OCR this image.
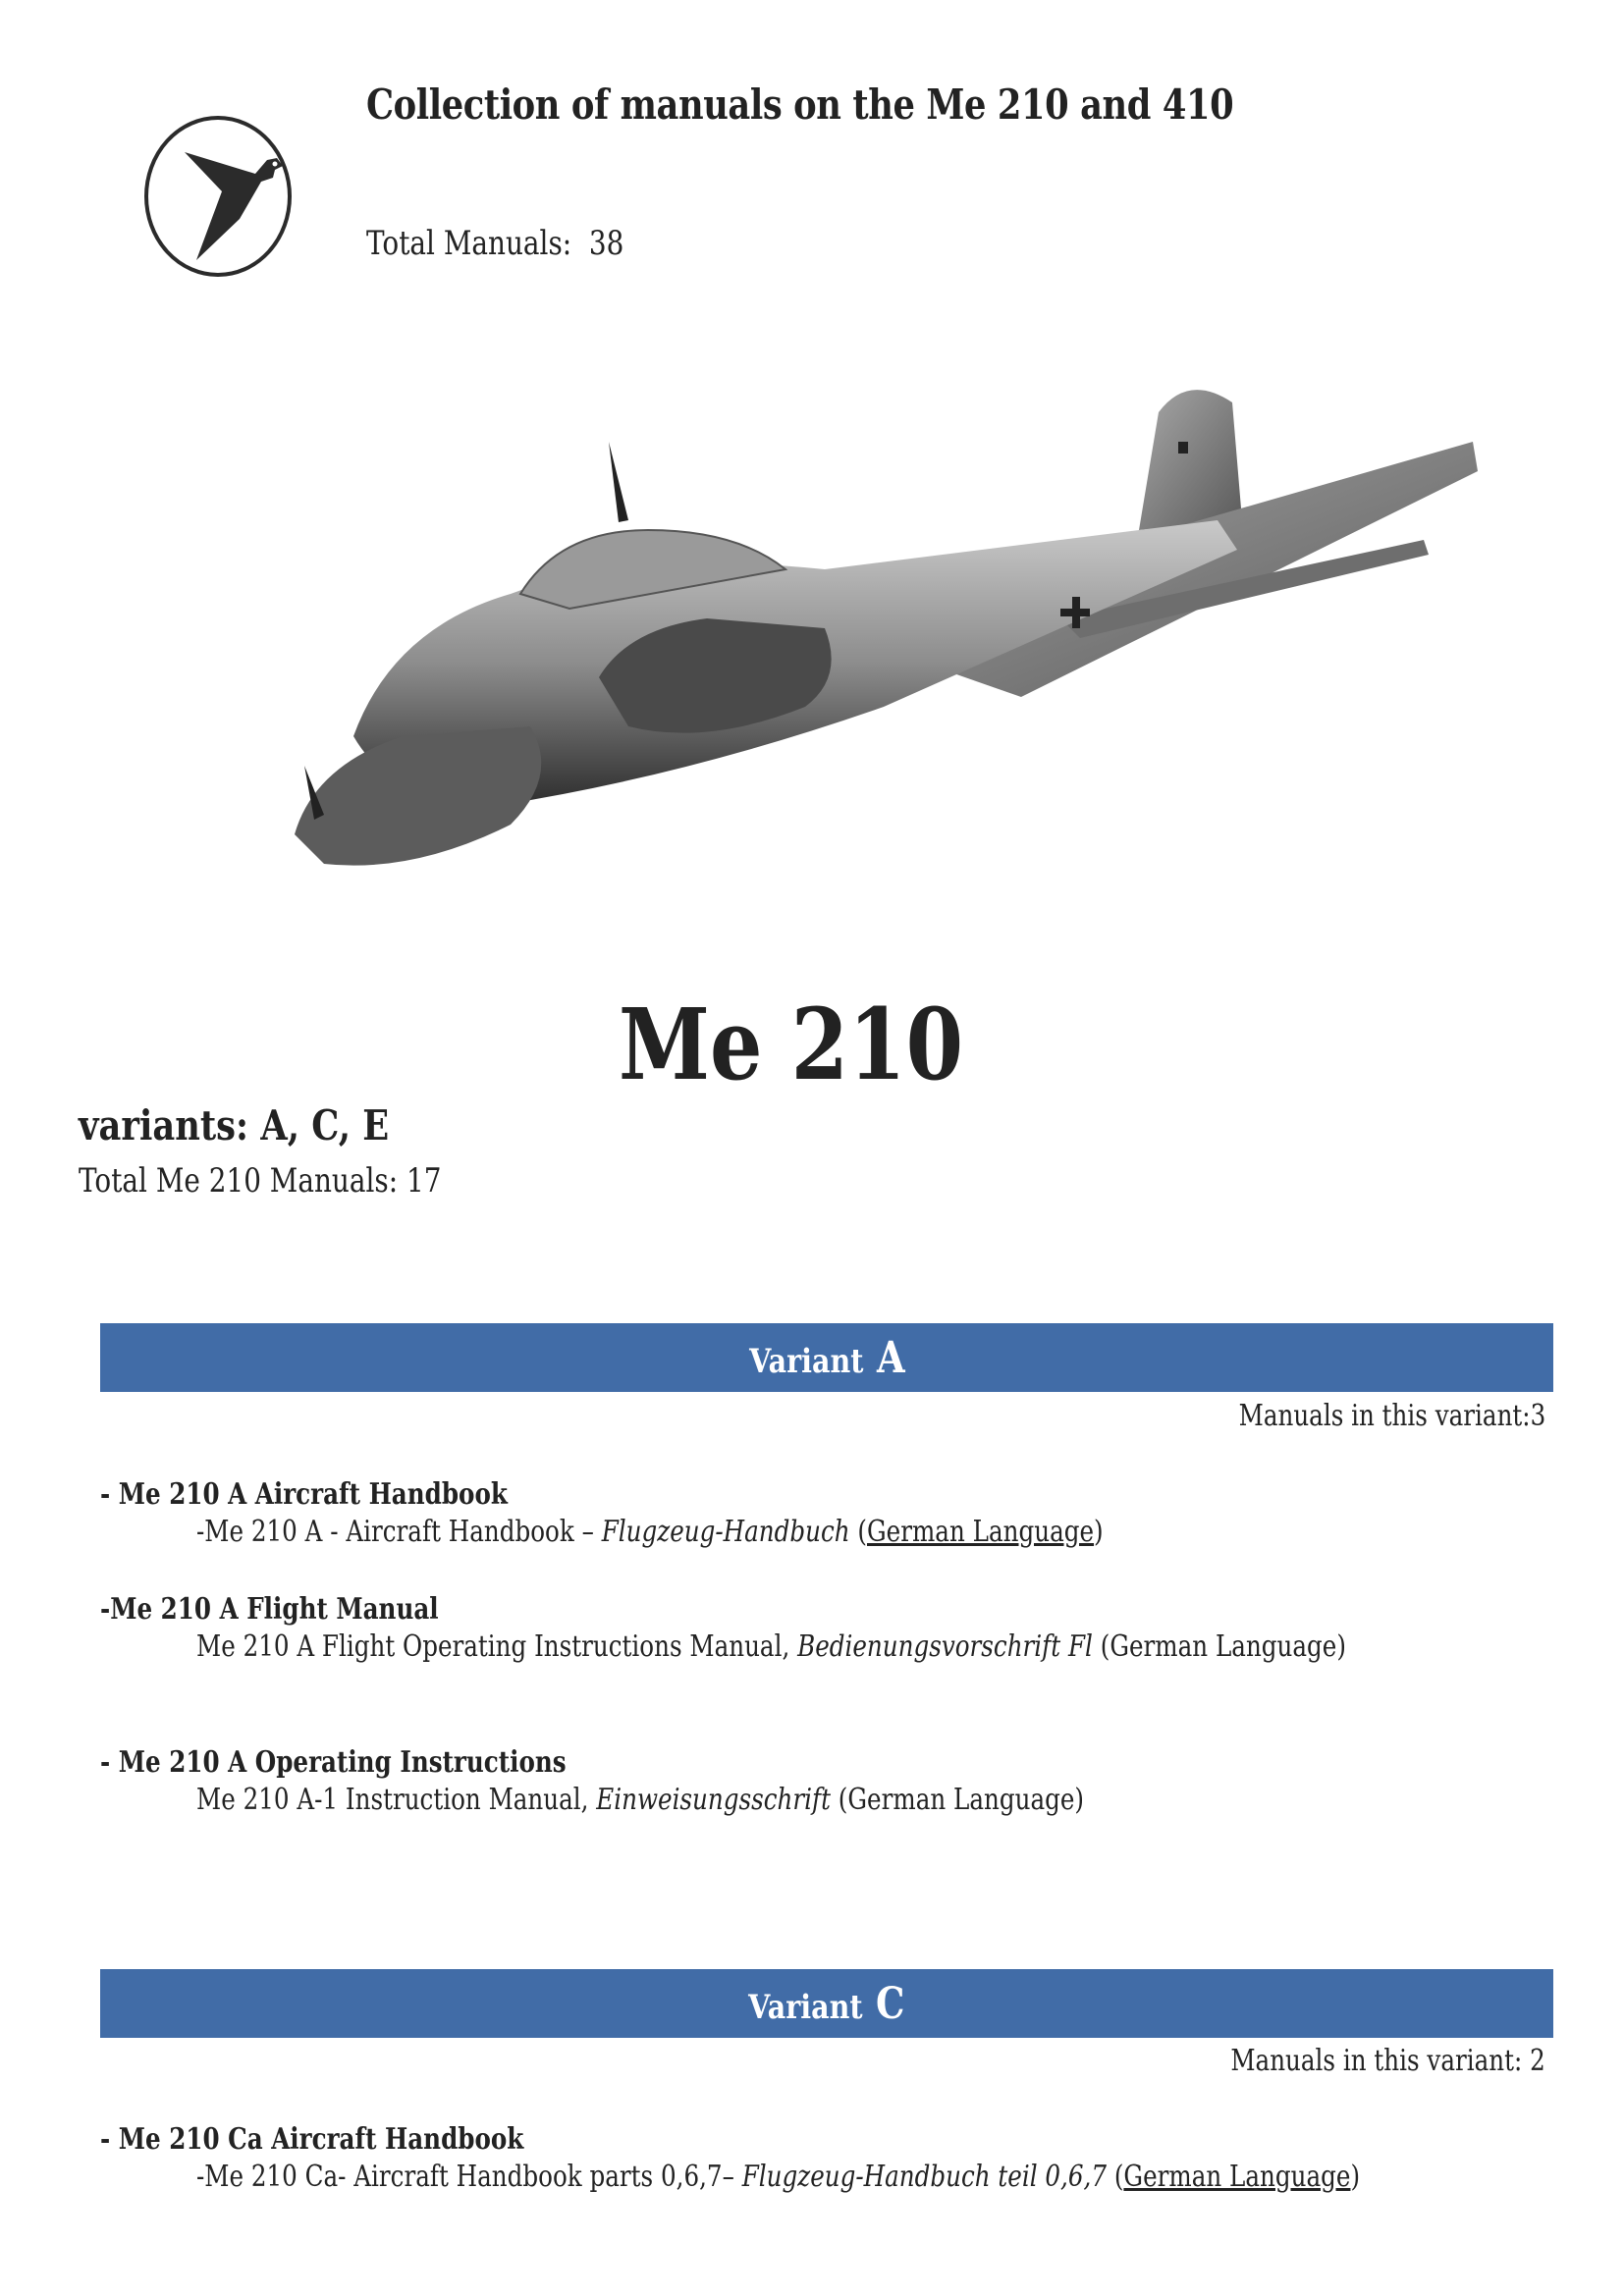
Collection of manuals on the Me 210 and 410
Total Manuals: 38
Me 210
variants: A, C, E
Total Me 210 Manuals: 17
Variant A
Manuals in this variant:3
- Me 210 A Aircraft Handbook
-Me 210 A - Aircraft Handbook – Flugzeug-Handbuch (German Language)
-Me 210 A Flight Manual
Me 210 A Flight Operating Instructions Manual, Bedienungsvorschrift Fl (German Language)
- Me 210 A Operating Instructions
Me 210 A-1 Instruction Manual, Einweisungsschrift (German Language)
Variant C
Manuals in this variant: 2
- Me 210 Ca Aircraft Handbook
-Me 210 Ca- Aircraft Handbook parts 0,6,7– Flugzeug-Handbuch teil 0,6,7 (German Language)
